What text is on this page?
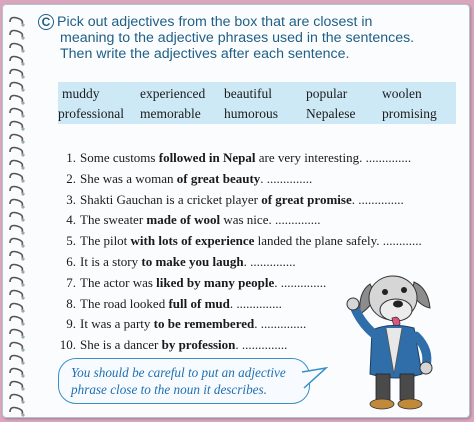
C Pick out adjectives from the box that are closest in
meaning to the adjective phrases used in the sentences.
Then write the adjectives after each sentence.
muddy	experienced beautiful	popular	woolen
professional memorable humorous Nepalese promising
1. Some customs followed in Nepal are very interesting. ..............
2. She was a woman of great beauty. ..............
3. Shakti Gauchan is a cricket player of great promise. ..............
4. The sweater made of wool was nice. ..............
5. The pilot with lots of experience landed the plane safely. ............
6. It is a story to make you laugh. ..............
7. The actor was liked by many people. ..............
8. The road looked full of mud. ..............
9. It was a party to be remembered. ..............
10. She is a dancer by profession. ..............
You should be careful to put an adjective
phrase close to the noun it describes.
